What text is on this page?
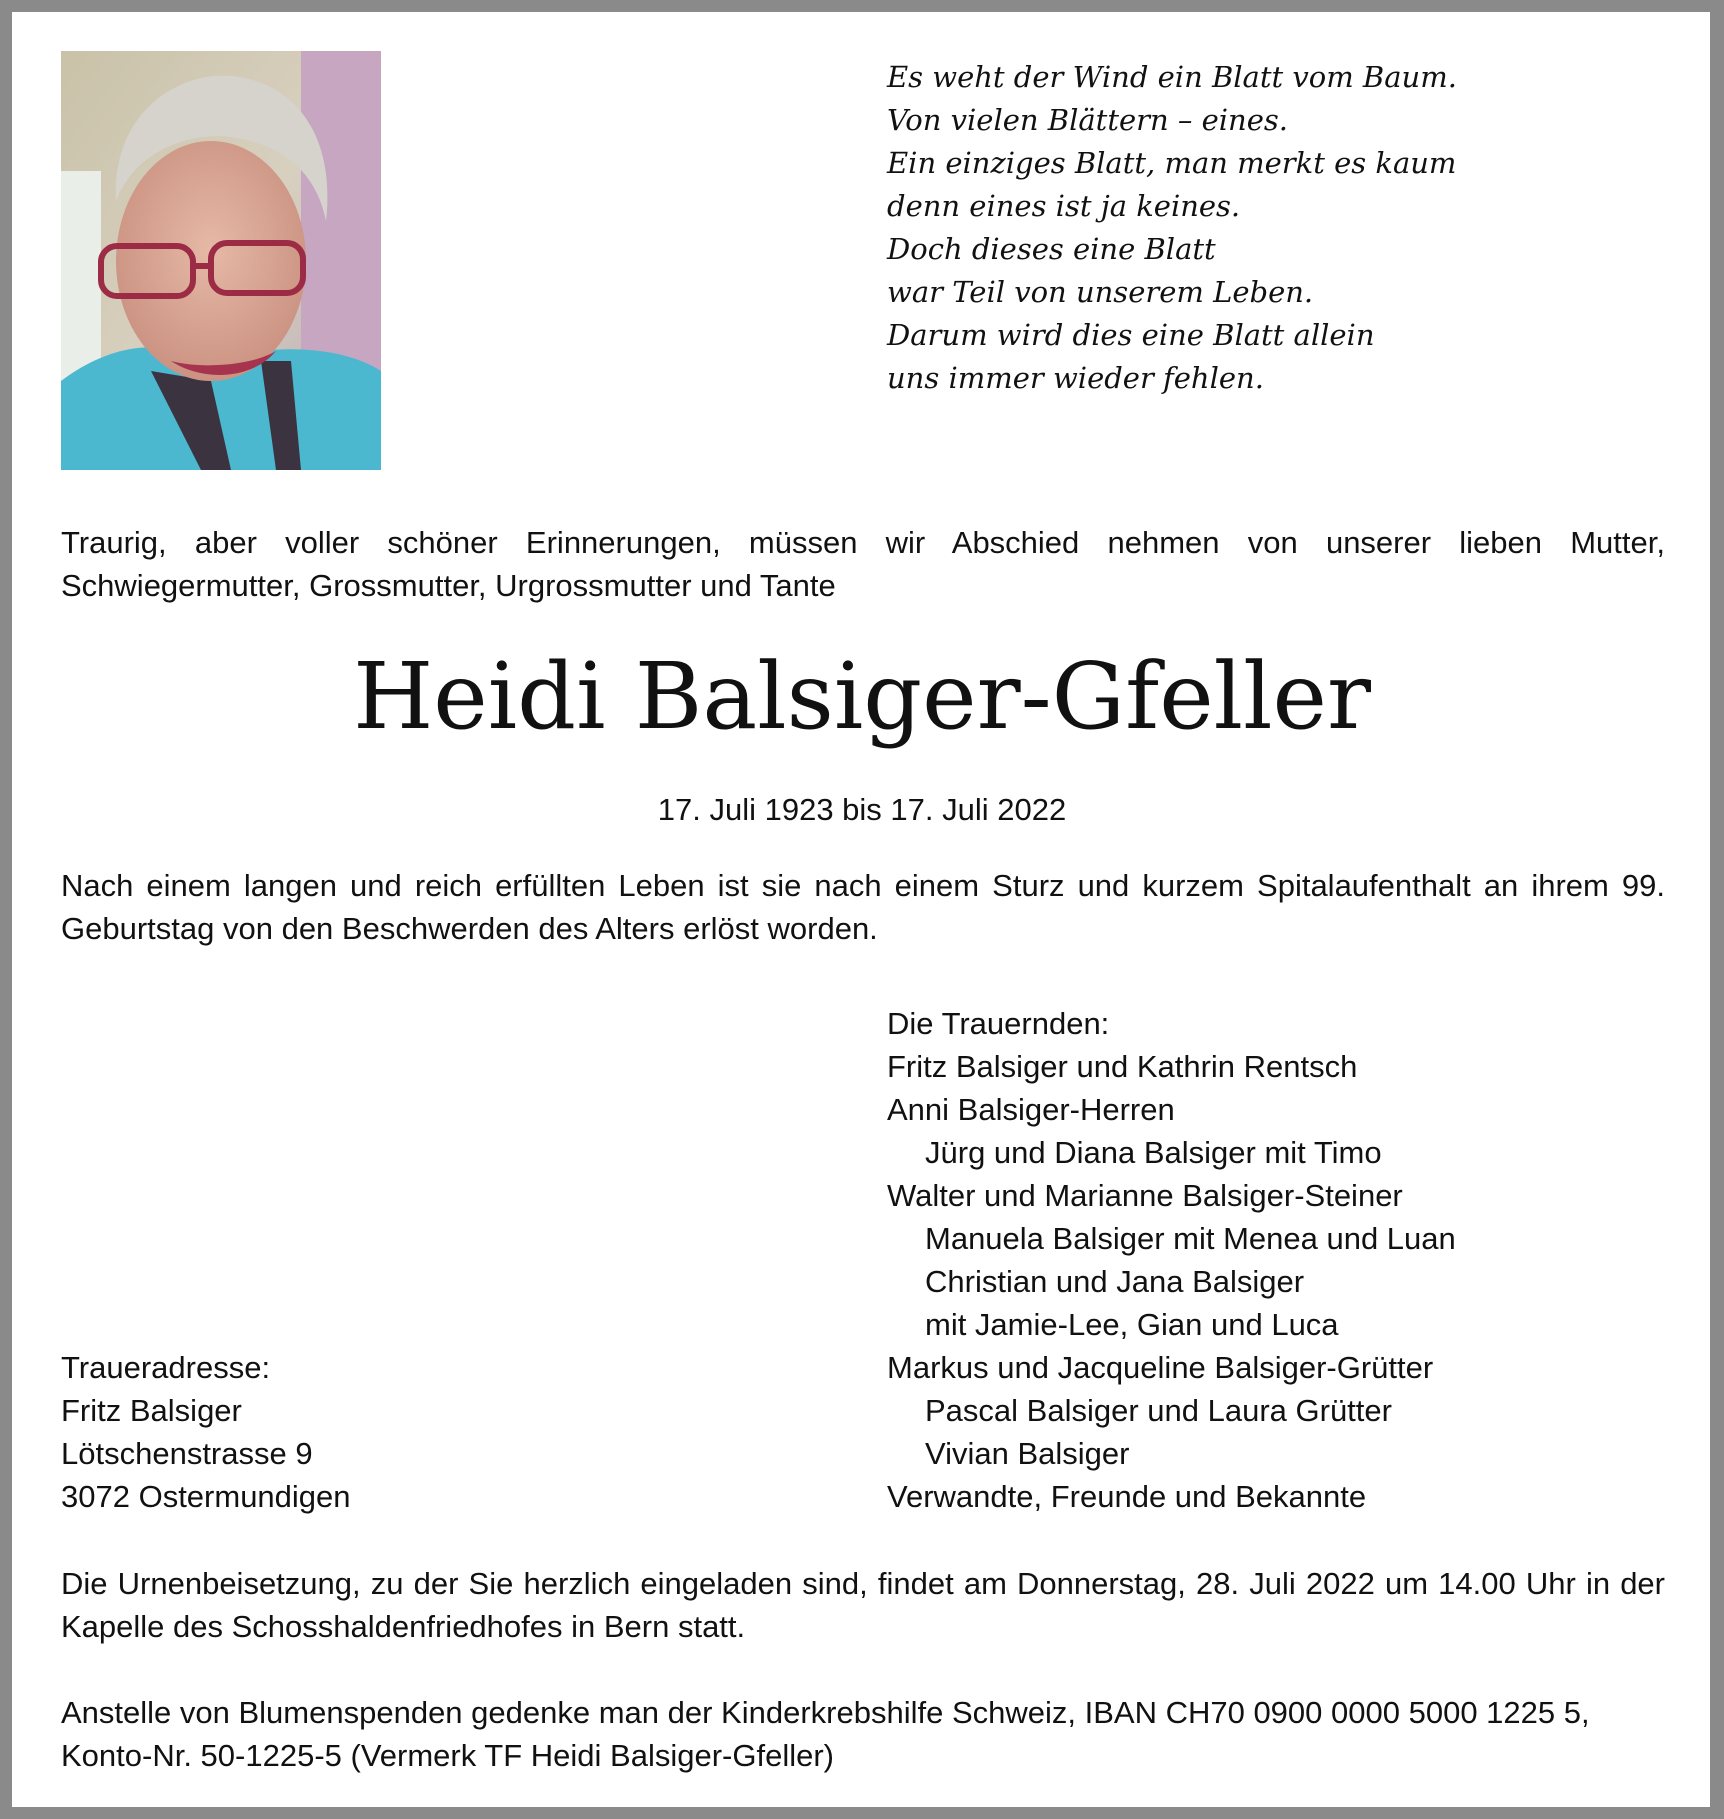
Es weht der Wind ein Blatt vom Baum.
Von vielen Blättern – eines.
Ein einziges Blatt, man merkt es kaum
denn eines ist ja keines.
Doch dieses eine Blatt
war Teil von unserem Leben.
Darum wird dies eine Blatt allein
uns immer wieder fehlen.
Traurig, aber voller schöner Erinnerungen, müssen wir Abschied nehmen von unserer lieben Mutter, Schwiegermutter, Grossmutter, Urgrossmutter und Tante
Heidi Balsiger-Gfeller
17. Juli 1923 bis 17. Juli 2022
Nach einem langen und reich erfüllten Leben ist sie nach einem Sturz und kurzem Spitalaufenthalt an ihrem 99. Geburtstag von den Beschwerden des Alters erlöst worden.
Die Trauernden:
Fritz Balsiger und Kathrin Rentsch
Anni Balsiger-Herren
Jürg und Diana Balsiger mit Timo
Walter und Marianne Balsiger-Steiner
Manuela Balsiger mit Menea und Luan
Christian und Jana Balsiger
mit Jamie-Lee, Gian und Luca
Markus und Jacqueline Balsiger-Grütter
Pascal Balsiger und Laura Grütter
Vivian Balsiger
Verwandte, Freunde und Bekannte
Traueradresse:
Fritz Balsiger
Lötschenstrasse 9
3072 Ostermundigen
Die Urnenbeisetzung, zu der Sie herzlich eingeladen sind, findet am Donnerstag, 28. Juli 2022 um 14.00 Uhr in der Kapelle des Schosshaldenfriedhofes in Bern statt.
Anstelle von Blumenspenden gedenke man der Kinderkrebshilfe Schweiz, IBAN CH70 0900 0000 5000 1225 5,
Konto-Nr. 50-1225-5 (Vermerk TF Heidi Balsiger-Gfeller)
